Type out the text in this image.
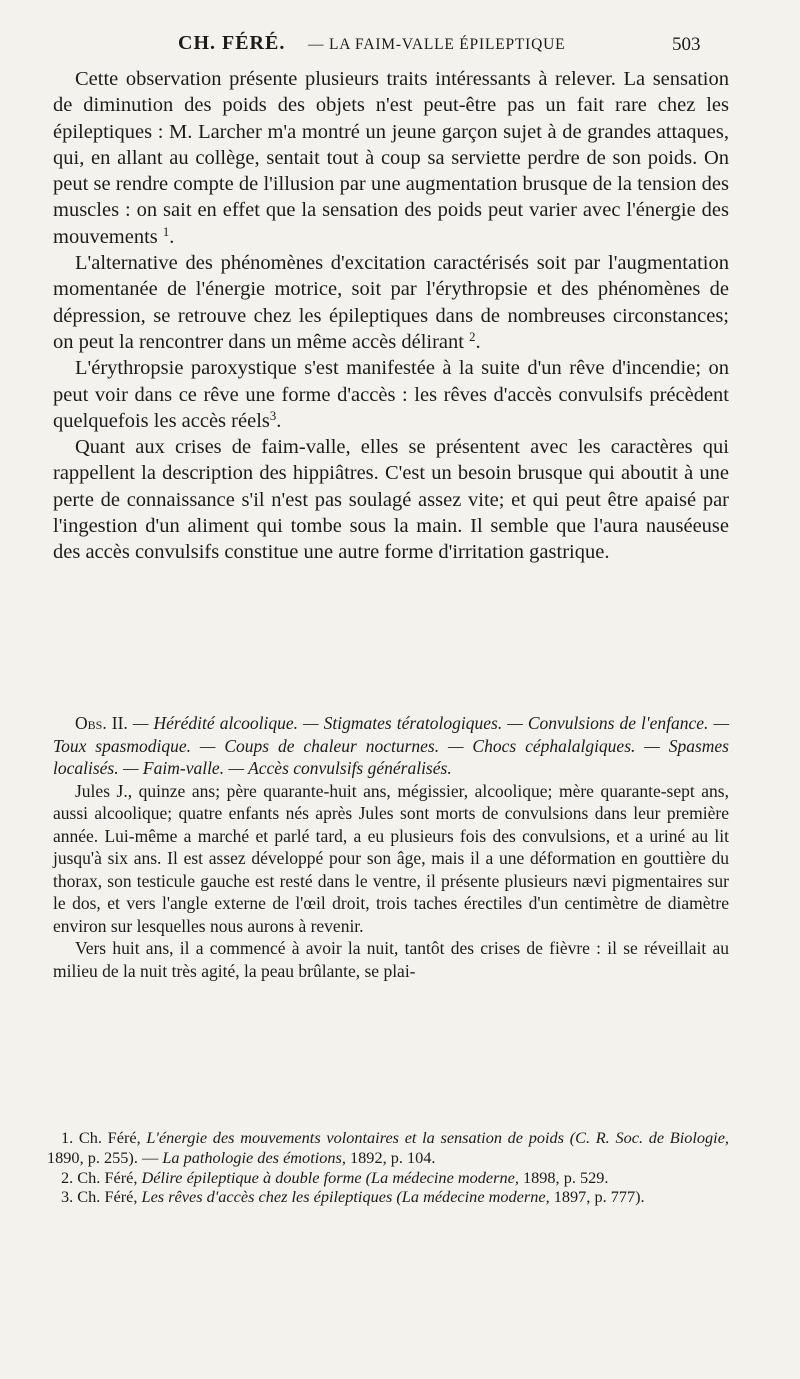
CH. FÉRÉ. — LA FAIM-VALLE ÉPILEPTIQUE	503

Cette observation présente plusieurs traits intéressants à relever. La sensation de diminution des poids des objets n'est peut-être pas un fait rare chez les épileptiques : M. Larcher m'a montré un jeune garçon sujet à de grandes attaques, qui, en allant au collège, sentait tout à coup sa serviette perdre de son poids. On peut se rendre compte de l'illusion par une augmentation brusque de la tension des muscles : on sait en effet que la sensation des poids peut varier avec l'énergie des mouvements $^1$.

L'alternative des phénomènes d'excitation caractérisés soit par l'augmentation momentanée de l'énergie motrice, soit par l'érythropsie et des phénomènes de dépression, se retrouve chez les épileptiques dans de nombreuses circonstances; on peut la rencontrer dans un même accès délirant $^2$.

L'érythropsie paroxystique s'est manifestée à la suite d'un rêve d'incendie; on peut voir dans ce rêve une forme d'accès : les rêves d'accès convulsifs précèdent quelquefois les accès réels$^3$.

Quant aux crises de faim-valle, elles se présentent avec les caractères qui rappellent la description des hippiâtres. C'est un besoin brusque qui aboutit à une perte de connaissance s'il n'est pas soulagé assez vite; et qui peut être apaisé par l'ingestion d'un aliment qui tombe sous la main. Il semble que l'aura nauséeuse des accès convulsifs constitue une autre forme d'irritation gastrique.

Obs. II. — Hérédité alcoolique. — Stigmates tératologiques. — Convulsions de l'enfance. — Toux spasmodique. — Coups de chaleur nocturnes. — Chocs céphalalgiques. — Spasmes localisés. — Faim-valle. — Accès convulsifs généralisés.

Jules J., quinze ans; père quarante-huit ans, mégissier, alcoolique; mère quarante-sept ans, aussi alcoolique; quatre enfants nés après Jules sont morts de convulsions dans leur première année. Lui-même a marché et parlé tard, a eu plusieurs fois des convulsions, et a uriné au lit jusqu'à six ans. Il est assez développé pour son âge, mais il a une déformation en gouttière du thorax, son testicule gauche est resté dans le ventre, il présente plusieurs nævi pigmentaires sur le dos, et vers l'angle externe de l'œil droit, trois taches érectiles d'un centimètre de diamètre environ sur lesquelles nous aurons à revenir.

Vers huit ans, il a commencé à avoir la nuit, tantôt des crises de fièvre : il se réveillait au milieu de la nuit très agité, la peau brûlante, se plai-

1. Ch. Féré, L'énergie des mouvements volontaires et la sensation de poids (C. R. Soc. de Biologie, 1890, p. 255). — La pathologie des émotions, 1892, p. 104.

2. Ch. Féré, Délire épileptique à double forme (La médecine moderne, 1898, p. 529.

3. Ch. Féré, Les rêves d'accès chez les épileptiques (La médecine moderne, 1897, p. 777).
